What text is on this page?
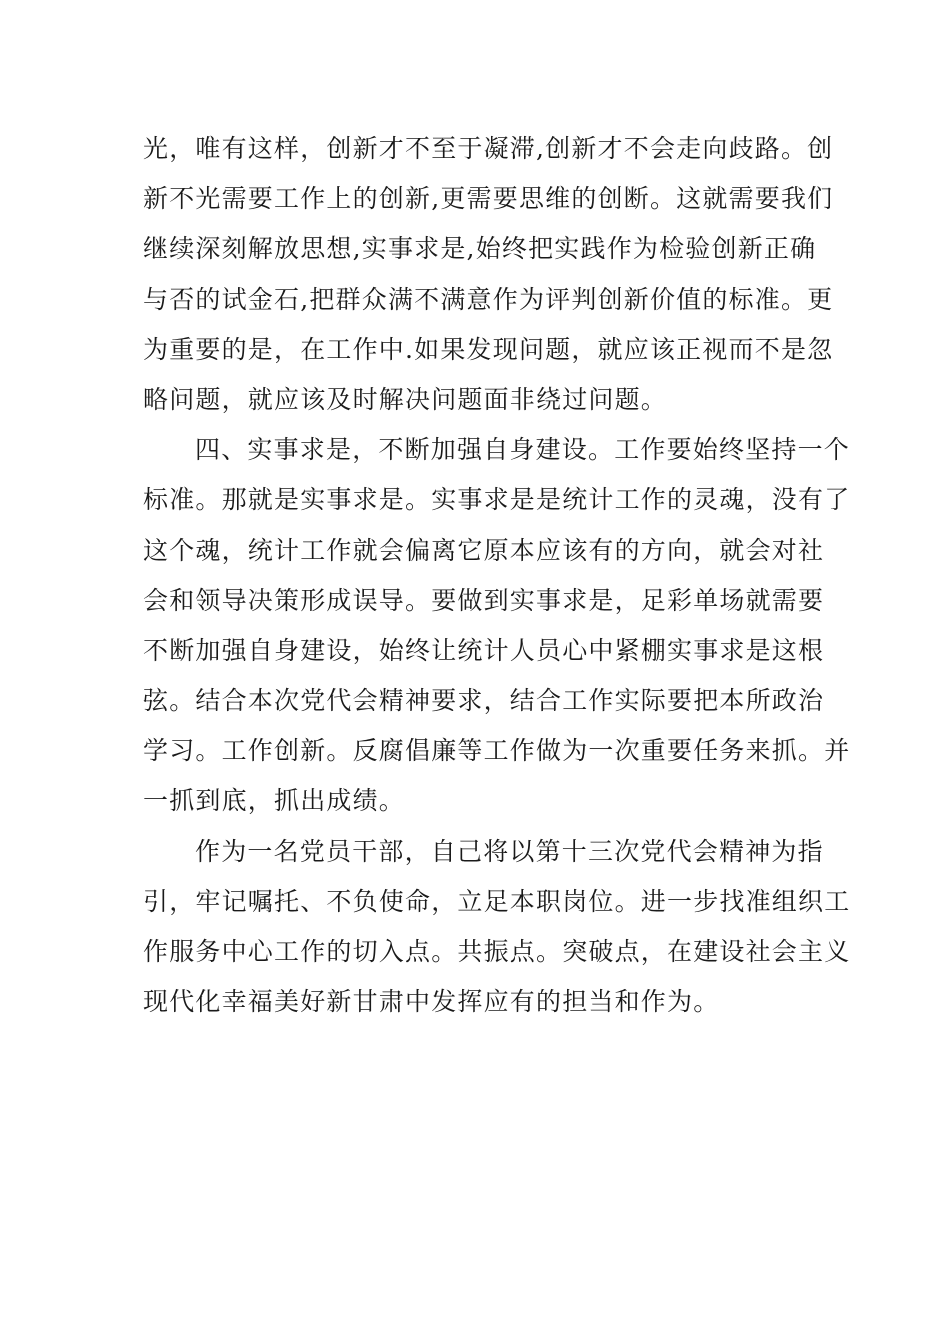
光，唯有这样，创新才不至于凝滞,创新才不会走向歧路。创
新不光需要工作上的创新,更需要思维的创断。这就需要我们
继续深刻解放思想,实事求是,始终把实践作为检验创新正确
与否的试金石,把群众满不满意作为评判创新价值的标准。更
为重要的是，在工作中.如果发现问题，就应该正视而不是忽
略问题，就应该及时解决问题面非绕过问题。
四、实事求是，不断加强自身建设。工作要始终坚持一个
标准。那就是实事求是。实事求是是统计工作的灵魂，没有了
这个魂，统计工作就会偏离它原本应该有的方向，就会对社
会和领导决策形成误导。要做到实事求是，足彩单场就需要
不断加强自身建设，始终让统计人员心中紧棚实事求是这根
弦。结合本次党代会精神要求，结合工作实际要把本所政治
学习。工作创新。反腐倡廉等工作做为一次重要任务来抓。并
一抓到底，抓出成绩。
作为一名党员干部，自己将以第十三次党代会精神为指
引，牢记嘱托、不负使命，立足本职岗位。进一步找准组织工
作服务中心工作的切入点。共振点。突破点，在建设社会主义
现代化幸福美好新甘肃中发挥应有的担当和作为。
